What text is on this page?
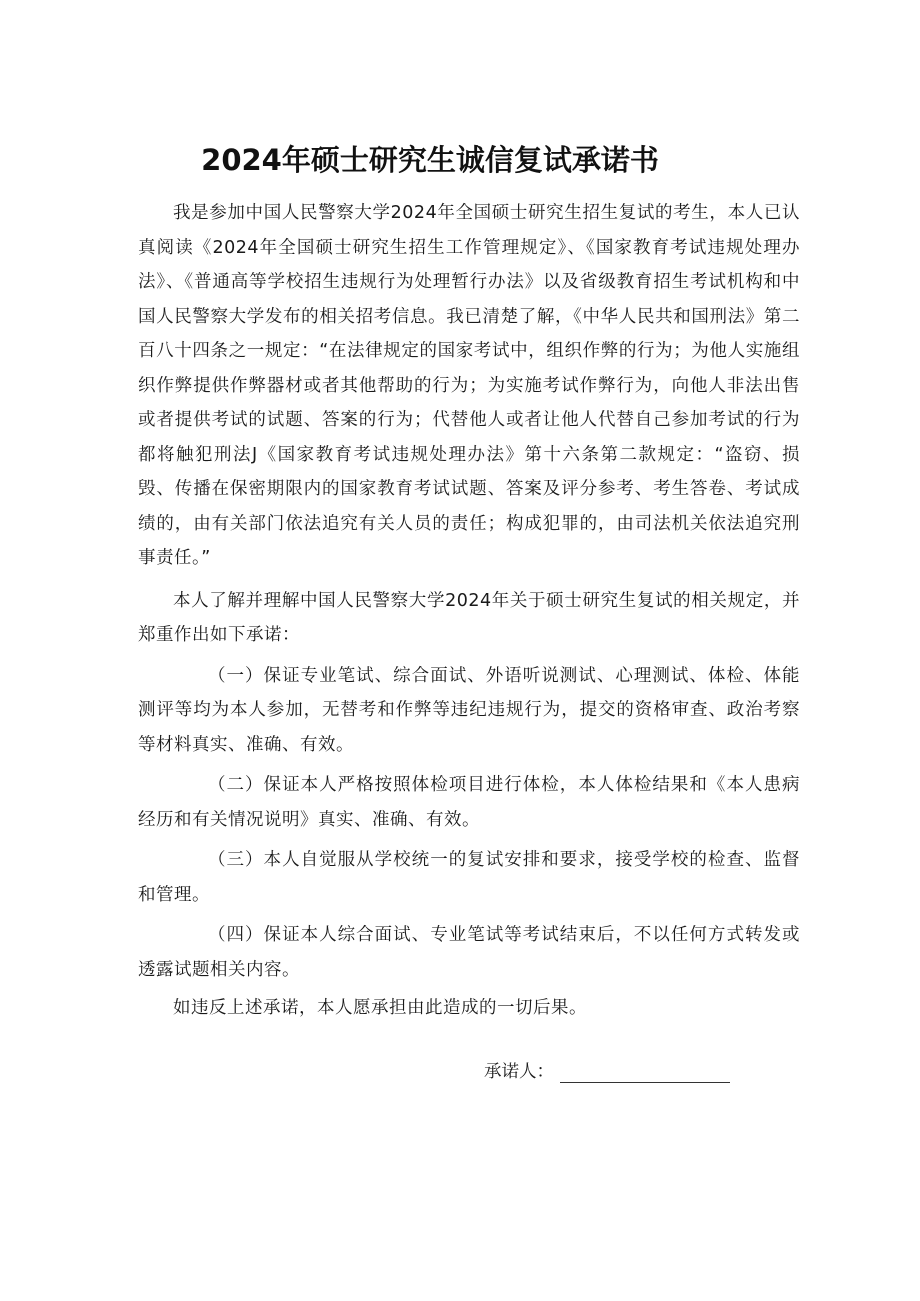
2024年硕士研究生诚信复试承诺书

我是参加中国人民警察大学2024年全国硕士研究生招生复试的考生，本人已认真阅读《2024年全国硕士研究生招生工作管理规定》、《国家教育考试违规处理办法》、《普通高等学校招生违规行为处理暂行办法》以及省级教育招生考试机构和中国人民警察大学发布的相关招考信息。我已清楚了解，《中华人民共和国刑法》第二百八十四条之一规定：“在法律规定的国家考试中，组织作弊的行为；为他人实施组织作弊提供作弊器材或者其他帮助的行为；为实施考试作弊行为，向他人非法出售或者提供考试的试题、答案的行为；代替他人或者让他人代替自己参加考试的行为都将触犯刑法J《国家教育考试违规处理办法》第十六条第二款规定：“盗窃、损毁、传播在保密期限内的国家教育考试试题、答案及评分参考、考生答卷、考试成绩的，由有关部门依法追究有关人员的责任；构成犯罪的，由司法机关依法追究刑事责任。”

本人了解并理解中国人民警察大学2024年关于硕士研究生复试的相关规定，并郑重作出如下承诺：

（一）保证专业笔试、综合面试、外语听说测试、心理测试、体检、体能测评等均为本人参加，无替考和作弊等违纪违规行为，提交的资格审查、政治考察等材料真实、准确、有效。

（二）保证本人严格按照体检项目进行体检，本人体检结果和《本人患病经历和有关情况说明》真实、准确、有效。

（三）本人自觉服从学校统一的复试安排和要求，接受学校的检查、监督和管理。

（四）保证本人综合面试、专业笔试等考试结束后，不以任何方式转发或透露试题相关内容。

如违反上述承诺，本人愿承担由此造成的一切后果。

承诺人：
